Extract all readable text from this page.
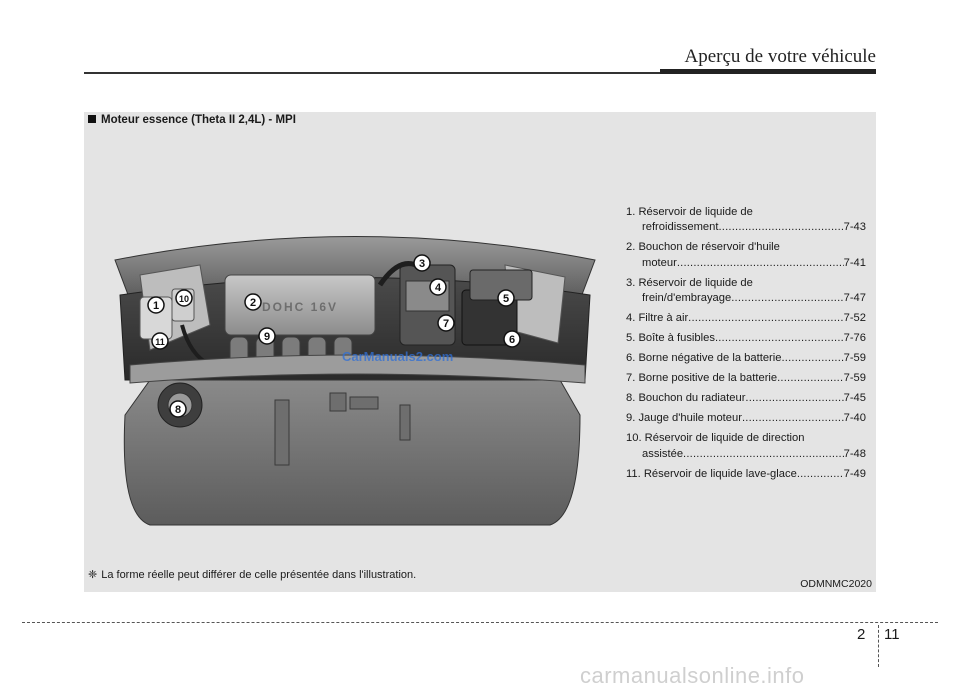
Aperçu de votre véhicule
Moteur essence (Theta II 2,4L) - MPI
DOHC 16V
CarManuals2.com
1	2
3
4
5
6
7
8
9
10
11
1. Réservoir de liquide de
refroidissement .....	7-43
2. Bouchon de réservoir d'huile
moteur .....	7-41
3. Réservoir de liquide de
frein/d'embrayage .....	7-47
4. Filtre à air .....	7-52
5. Boîte à fusibles .....	7-76
6. Borne négative de la batterie .....	7-59
7. Borne positive de la batterie .....	7-59
8. Bouchon du radiateur .....	7-45
9. Jauge d'huile moteur .....	7-40
10. Réservoir de liquide de direction
assistée .....	7-48
11. Réservoir de liquide lave-glace .....	7-49
❈ La forme réelle peut différer de celle présentée dans l'illustration.
ODMNMC2020
2 11
carmanualsonline.info
